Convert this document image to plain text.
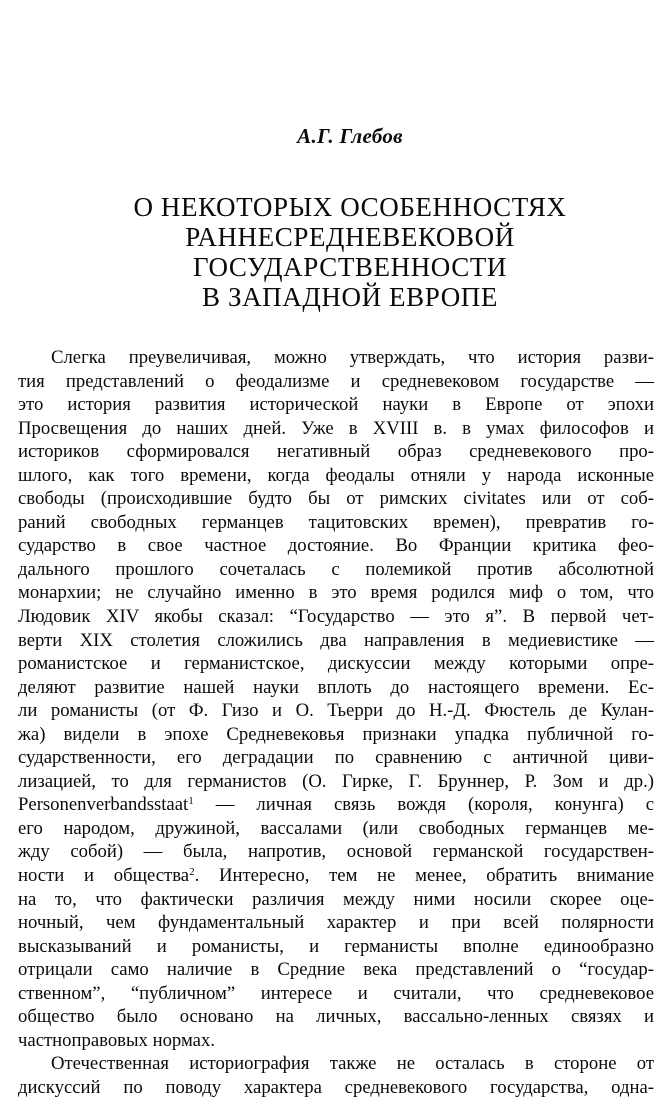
А.Г. Глебов
О НЕКОТОРЫХ ОСОБЕННОСТЯХ
РАННЕСРЕДНЕВЕКОВОЙ
ГОСУДАРСТВЕННОСТИ
В ЗАПАДНОЙ ЕВРОПЕ
Слегка преувеличивая, можно утверждать, что история разви-
тия представлений о феодализме и средневековом государстве —
это история развития исторической науки в Европе от эпохи
Просвещения до наших дней. Уже в XVIII в. в умах философов и
историков сформировался негативный образ средневекового про-
шлого, как того времени, когда феодалы отняли у народа исконные
свободы (происходившие будто бы от римских civitates или от соб-
раний свободных германцев тацитовских времен), превратив го-
сударство в свое частное достояние. Во Франции критика фео-
дального прошлого сочеталась с полемикой против абсолютной
монархии; не случайно именно в это время родился миф о том, что
Людовик XIV якобы сказал: “Государство — это я”. В первой чет-
верти XIX столетия сложились два направления в медиевистике —
романистское и германистское, дискуссии между которыми опре-
деляют развитие нашей науки вплоть до настоящего времени. Ес-
ли романисты (от Ф. Гизо и О. Тьерри до Н.-Д. Фюстель де Кулан-
жа) видели в эпохе Средневековья признаки упадка публичной го-
сударственности, его деградации по сравнению с античной циви-
лизацией, то для германистов (О. Гирке, Г. Бруннер, Р. Зом и др.)
Personenverbandsstaat$^1$ — личная связь вождя (короля, конунга) с
его народом, дружиной, вассалами (или свободных германцев ме-
жду собой) — была, напротив, основой германской государствен-
ности и общества$^2$. Интересно, тем не менее, обратить внимание
на то, что фактически различия между ними носили скорее оце-
ночный, чем фундаментальный характер и при всей полярности
высказываний и романисты, и германисты вполне единообразно
отрицали само наличие в Средние века представлений о “государ-
ственном”, “публичном” интересе и считали, что средневековое
общество было основано на личных, вассально-ленных связях и
частноправовых нормах.
Отечественная историография также не осталась в стороне от
дискуссий по поводу характера средневекового государства, одна-
